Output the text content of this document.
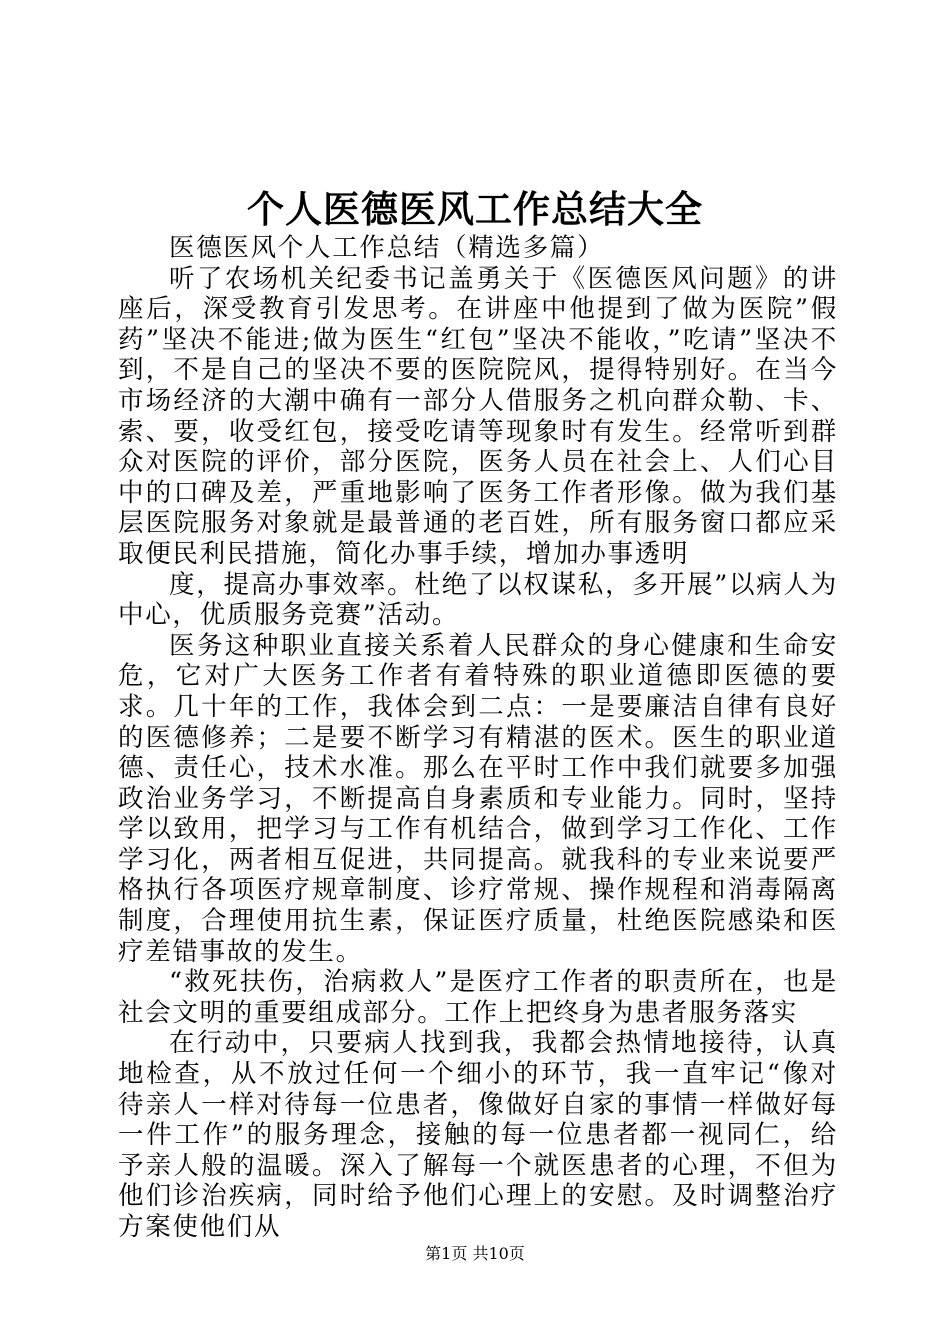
个人医德医风工作总结大全

医德医风个人工作总结（精选多篇）

听了农场机关纪委书记盖勇关于《医德医风问题》的讲座后，深受教育引发思考。在讲座中他提到了做为医院”假药”坚决不能进;做为医生“红包”坚决不能收，”吃请”坚决不到，不是自己的坚决不要的医院院风，提得特别好。在当今市场经济的大潮中确有一部分人借服务之机向群众勒、卡、索、要，收受红包，接受吃请等现象时有发生。经常听到群众对医院的评价，部分医院，医务人员在社会上、人们心目中的口碑及差，严重地影响了医务工作者形像。做为我们基层医院服务对象就是最普通的老百姓，所有服务窗口都应采取便民利民措施，简化办事手续，增加办事透明

度，提高办事效率。杜绝了以权谋私，多开展”以病人为中心，优质服务竞赛”活动。

医务这种职业直接关系着人民群众的身心健康和生命安危，它对广大医务工作者有着特殊的职业道德即医德的要求。几十年的工作，我体会到二点：一是要廉洁自律有良好的医德修养；二是要不断学习有精湛的医术。医生的职业道德、责任心，技术水准。那么在平时工作中我们就要多加强政治业务学习，不断提高自身素质和专业能力。同时，坚持学以致用，把学习与工作有机结合，做到学习工作化、工作学习化，两者相互促进，共同提高。就我科的专业来说要严格执行各项医疗规章制度、诊疗常规、操作规程和消毒隔离制度，合理使用抗生素，保证医疗质量，杜绝医院感染和医疗差错事故的发生。

“救死扶伤，治病救人”是医疗工作者的职责所在，也是社会文明的重要组成部分。工作上把终身为患者服务落实

在行动中，只要病人找到我，我都会热情地接待，认真地检查，从不放过任何一个细小的环节，我一直牢记“像对待亲人一样对待每一位患者，像做好自家的事情一样做好每一件工作”的服务理念，接触的每一位患者都一视同仁，给予亲人般的温暖。深入了解每一个就医患者的心理，不但为他们诊治疾病，同时给予他们心理上的安慰。及时调整治疗方案使他们从

第1页 共10页
